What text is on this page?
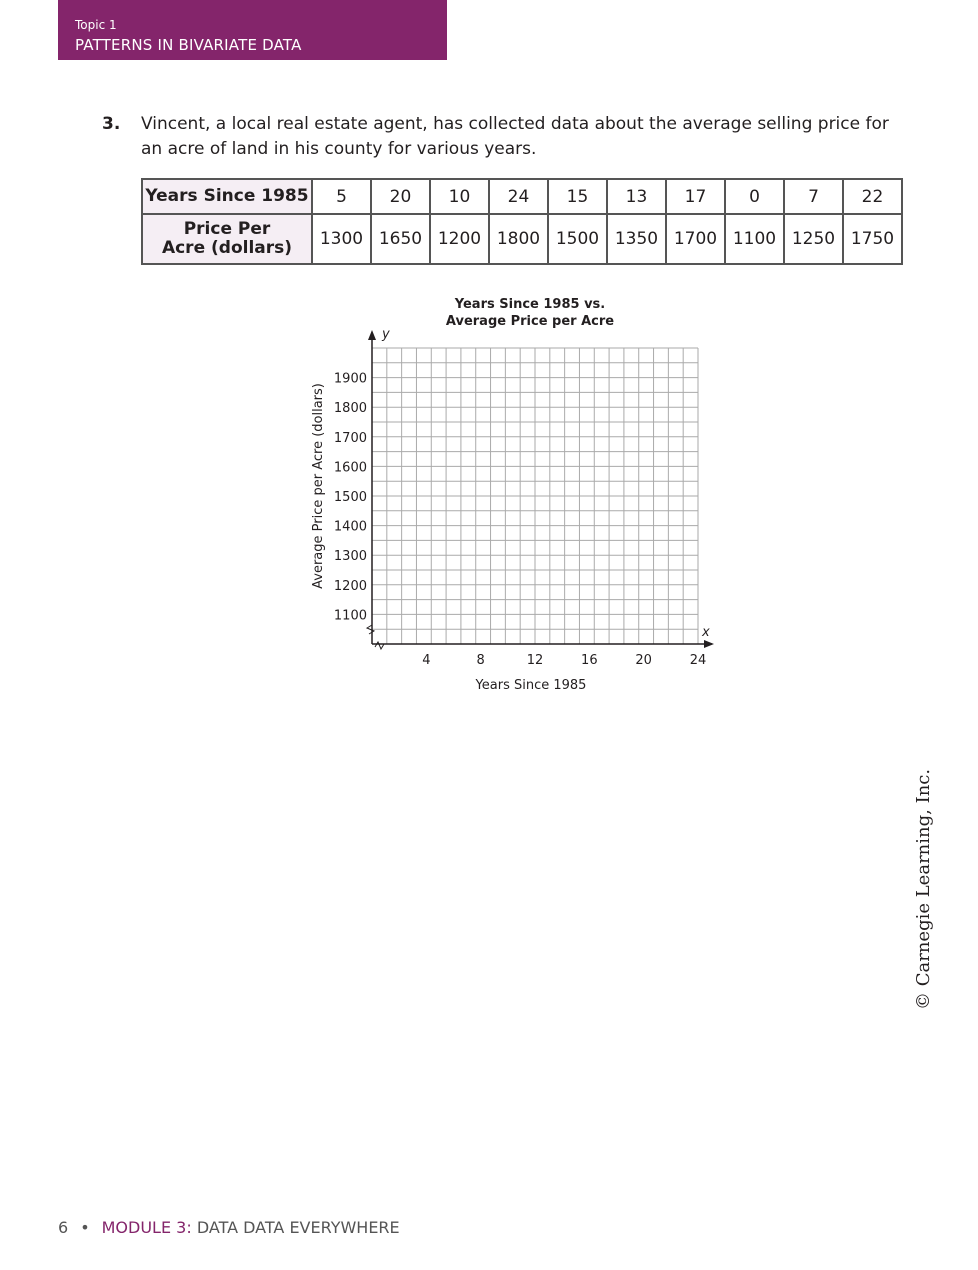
Topic 1
PATTERNS IN BIVARIATE DATA
3. Vincent, a local real estate agent, has collected data about the average selling price for an acre of land in his county for various years.
Years Since 1985	5	20	10	24	15	13	17	0	7	22
Price Per
Acre (dollars)	1300	1650	1200	1800	1500	1350	1700	1100	1250	1750
Years Since 1985 vs.
Average Price per Acre
y
x
4	8	12	16	20	24
1100
1200
1300
1400
1500
1600
1700
1800
1900
Years Since 1985
Average Price per Acre (dollars)
© Carnegie Learning, Inc.
6 • MODULE 3: DATA DATA EVERYWHERE
